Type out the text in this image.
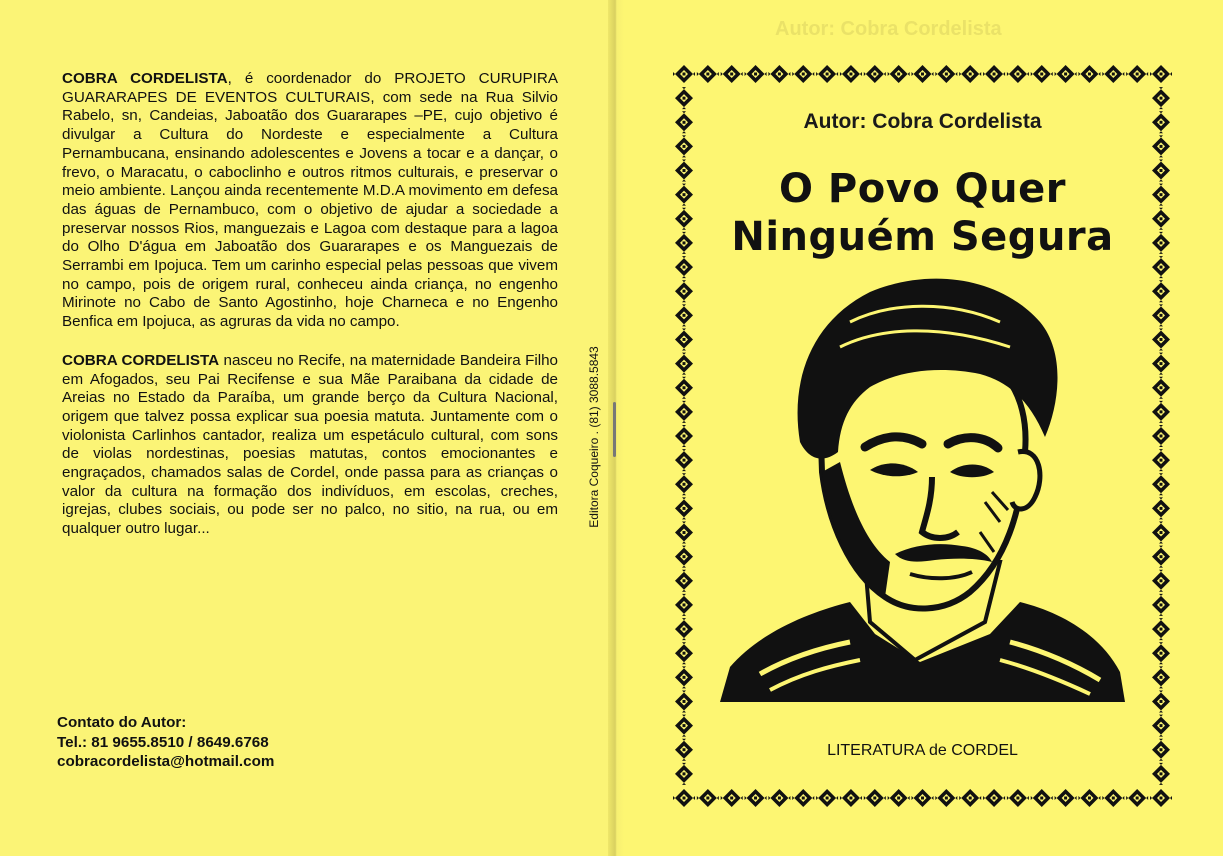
COBRA CORDELISTA, é coordenador do PROJETO CURUPIRA GUARARAPES DE EVENTOS CULTURAIS, com sede na Rua Silvio Rabelo, sn, Candeias, Jaboatão dos Guararapes –PE, cujo objetivo é divulgar a Cultura do Nordeste e especialmente a Cultura Pernambucana, ensinando adolescentes e Jovens a tocar e a dançar, o frevo, o Maracatu, o caboclinho e outros ritmos culturais, e preservar o meio ambiente. Lançou ainda recentemente M.D.A movimento em defesa das águas de Pernambuco, com o objetivo de ajudar a sociedade a preservar nossos Rios, manguezais e Lagoa com destaque para a lagoa do Olho D'água em Jaboatão dos Guararapes e os Manguezais de Serrambi em Ipojuca. Tem um carinho especial pelas pessoas que vivem no campo, pois de origem rural, conheceu ainda criança, no engenho Mirinote no Cabo de Santo Agostinho, hoje Charneca e no Engenho Benfica em Ipojuca, as agruras da vida no campo.

COBRA CORDELISTA nasceu no Recife, na maternidade Bandeira Filho em Afogados, seu Pai Recifense e sua Mãe Paraibana da cidade de Areias no Estado da Paraíba, um grande berço da Cultura Nacional, origem que talvez possa explicar sua poesia matuta. Juntamente com o violonista Carlinhos cantador, realiza um espetáculo cultural, com sons de violas nordestinas, poesias matutas, contos emocionantes e engraçados, chamados salas de Cordel, onde passa para as crianças o valor da cultura na formação dos indivíduos, em escolas, creches, igrejas, clubes sociais, ou pode ser no palco, no sitio, na rua, ou em qualquer outro lugar...

Contato do Autor:
Tel.: 81 9655.8510 / 8649.6768
cobracordelista@hotmail.com
Editora Coqueiro . (81) 3088.5843
Autor: Cobra Cordelista
O Povo Quer
Ninguém Segura
LITERATURA de CORDEL
Autor: Cobra Cordelista
